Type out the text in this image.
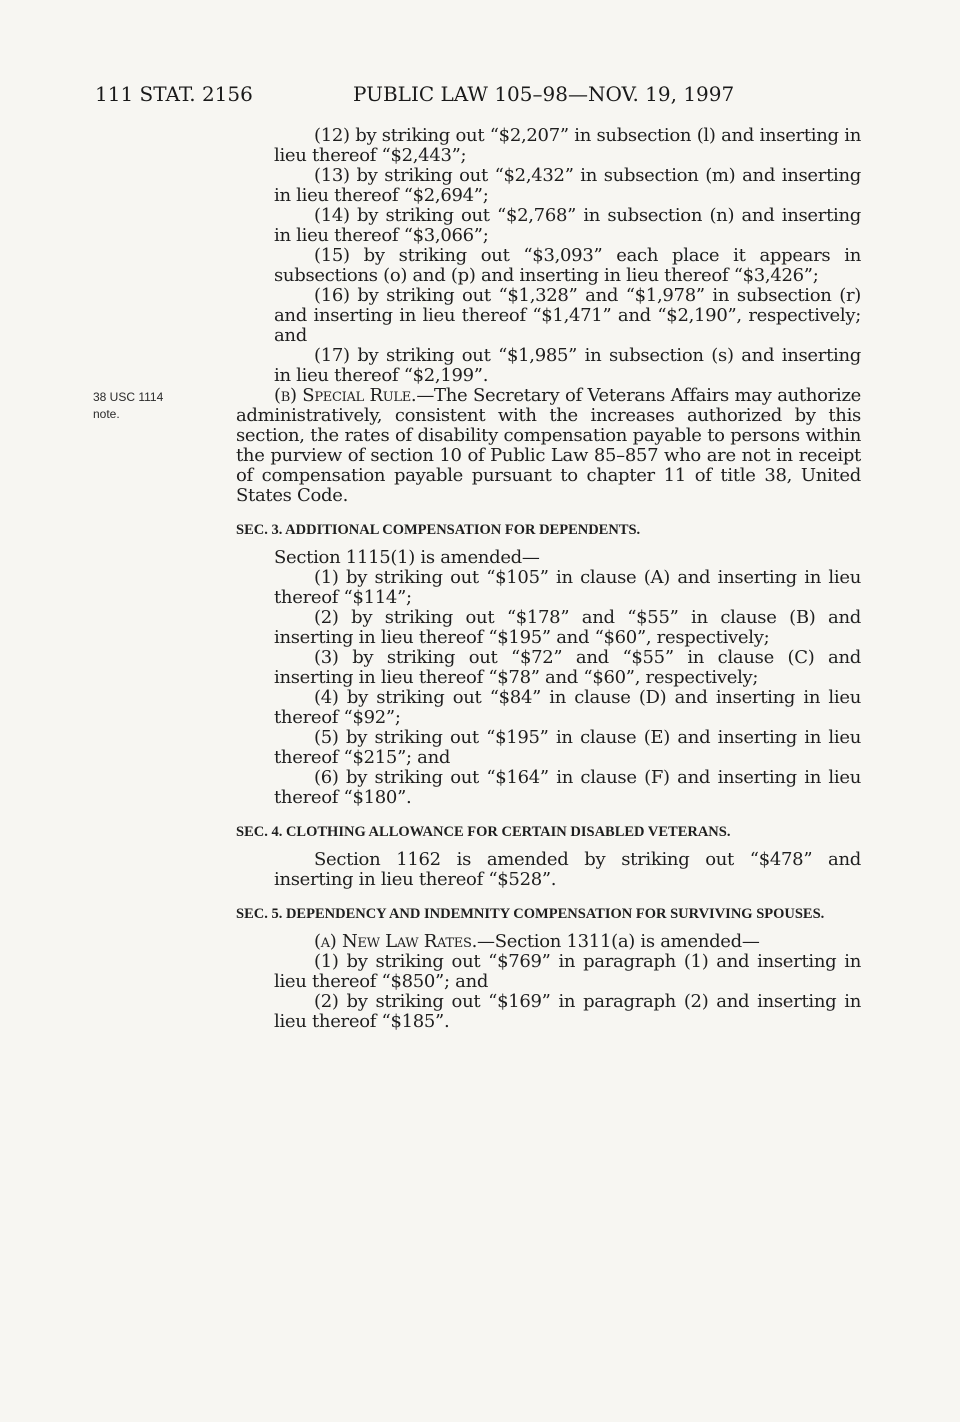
111 STAT. 2156	PUBLIC LAW 105–98—NOV. 19, 1997
38 USC 1114
note.

(12) by striking out “$2,207” in subsection (l) and inserting in lieu thereof “$2,443”;

(13) by striking out “$2,432” in subsection (m) and inserting in lieu thereof “$2,694”;

(14) by striking out “$2,768” in subsection (n) and inserting in lieu thereof “$3,066”;

(15) by striking out “$3,093” each place it appears in subsections (o) and (p) and inserting in lieu thereof “$3,426”;

(16) by striking out “$1,328” and “$1,978” in subsection (r) and inserting in lieu thereof “$1,471” and “$2,190”, respectively; and

(17) by striking out “$1,985” in subsection (s) and inserting in lieu thereof “$2,199”.

(b) Special Rule.—The Secretary of Veterans Affairs may authorize administratively, consistent with the increases authorized by this section, the rates of disability compensation payable to persons within the purview of section 10 of Public Law 85–857 who are not in receipt of compensation payable pursuant to chapter 11 of title 38, United States Code.

SEC. 3. ADDITIONAL COMPENSATION FOR DEPENDENTS.

Section 1115(1) is amended—

(1) by striking out “$105” in clause (A) and inserting in lieu thereof “$114”;

(2) by striking out “$178” and “$55” in clause (B) and inserting in lieu thereof “$195” and “$60”, respectively;

(3) by striking out “$72” and “$55” in clause (C) and inserting in lieu thereof “$78” and “$60”, respectively;

(4) by striking out “$84” in clause (D) and inserting in lieu thereof “$92”;

(5) by striking out “$195” in clause (E) and inserting in lieu thereof “$215”; and

(6) by striking out “$164” in clause (F) and inserting in lieu thereof “$180”.

SEC. 4. CLOTHING ALLOWANCE FOR CERTAIN DISABLED VETERANS.

Section 1162 is amended by striking out “$478” and inserting in lieu thereof “$528”.

SEC. 5. DEPENDENCY AND INDEMNITY COMPENSATION FOR SURVIVING SPOUSES.

(a) New Law Rates.—Section 1311(a) is amended—

(1) by striking out “$769” in paragraph (1) and inserting in lieu thereof “$850”; and

(2) by striking out “$169” in paragraph (2) and inserting in lieu thereof “$185”.
